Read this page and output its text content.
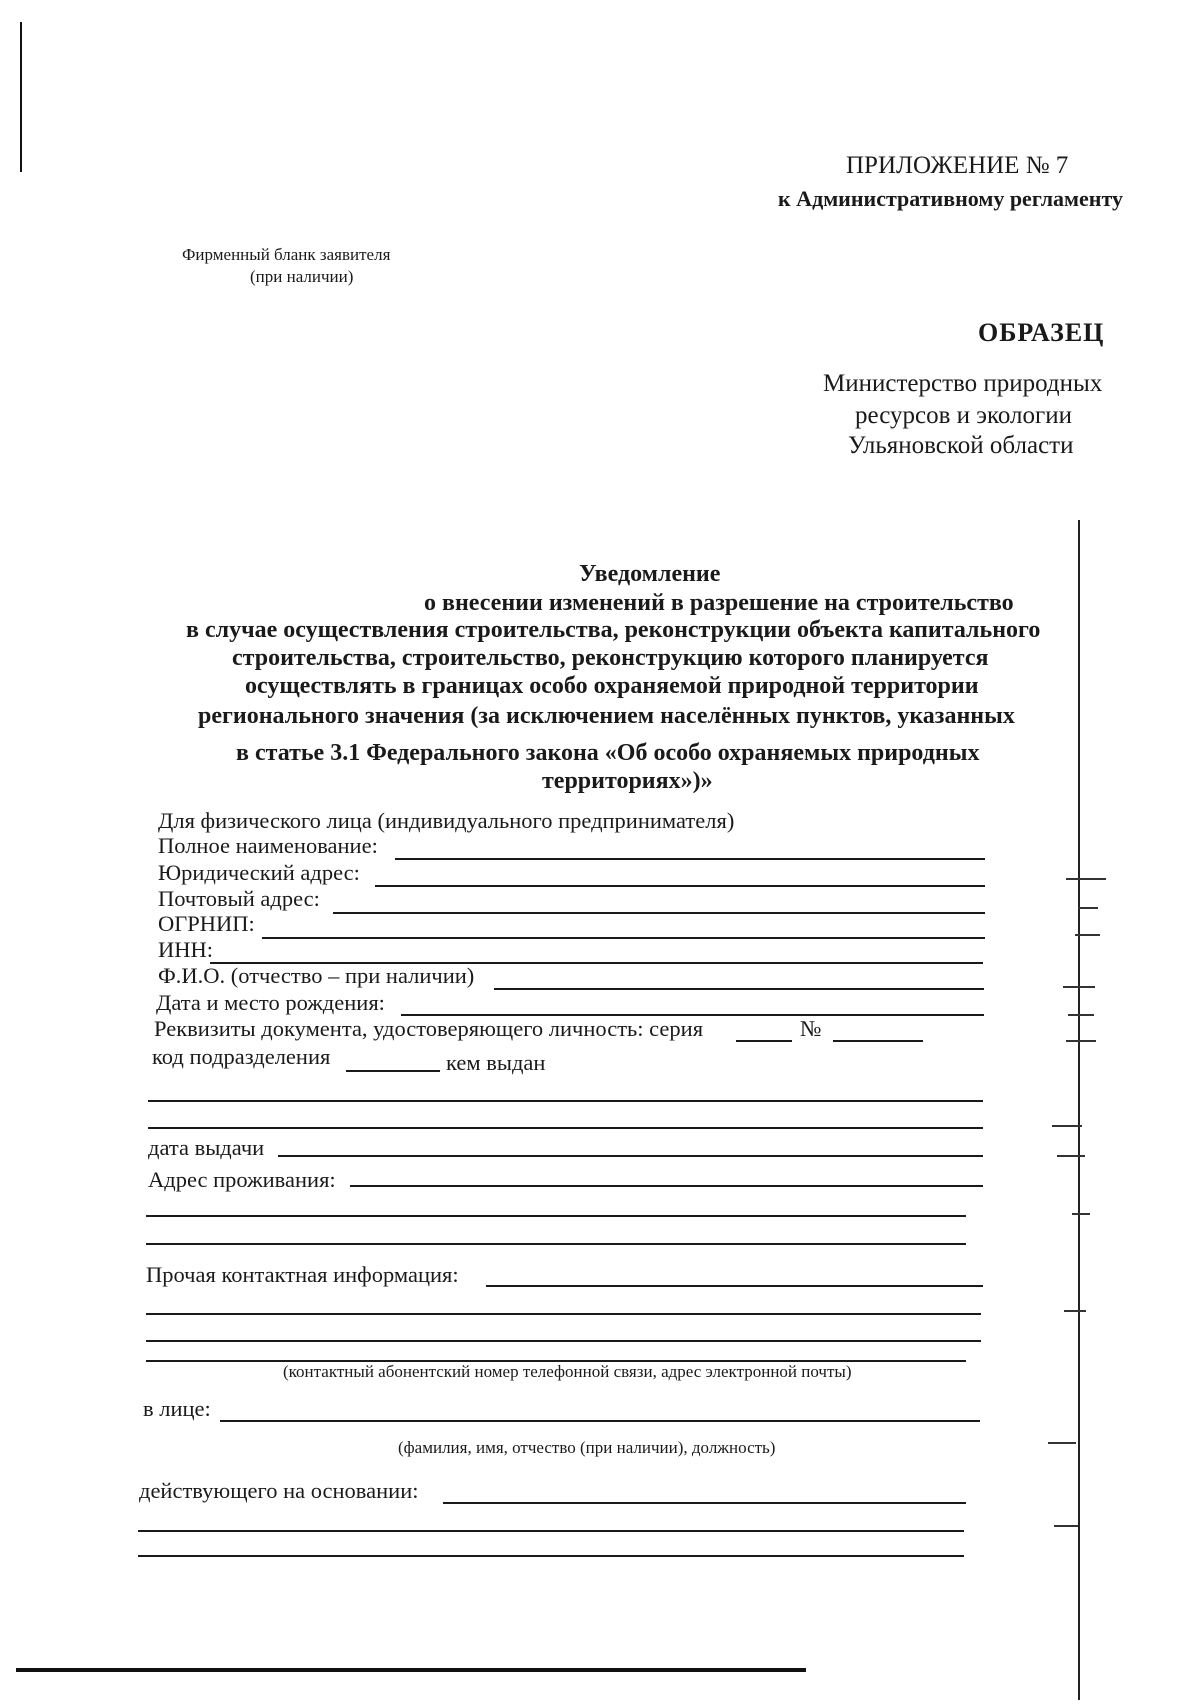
ПРИЛОЖЕНИЕ № 7
к Административному регламенту
Фирменный бланк заявителя
(при наличии)
ОБРАЗЕЦ
Министерство природных
ресурсов и экологии
Ульяновской области
Уведомление
о внесении изменений в разрешение на строительство
в случае осуществления строительства, реконструкции объекта капитального
строительства, строительство, реконструкцию которого планируется
осуществлять в границах особо охраняемой природной территории
регионального значения (за исключением населённых пунктов, указанных
в статье 3.1 Федерального закона «Об особо охраняемых природных
территориях»)»
Для физического лица (индивидуального предпринимателя)
Полное наименование:
Юридический адрес:
Почтовый адрес:
ОГРНИП:
ИНН:
Ф.И.О. (отчество – при наличии)
Дата и место рождения:
Реквизиты документа, удостоверяющего личность: серия	№
код подразделения	кем выдан
дата выдачи
Адрес проживания:
Прочая контактная информация:
(контактный абонентский номер телефонной связи, адрес электронной почты)
в лице:
(фамилия, имя, отчество (при наличии), должность)
действующего на основании:
